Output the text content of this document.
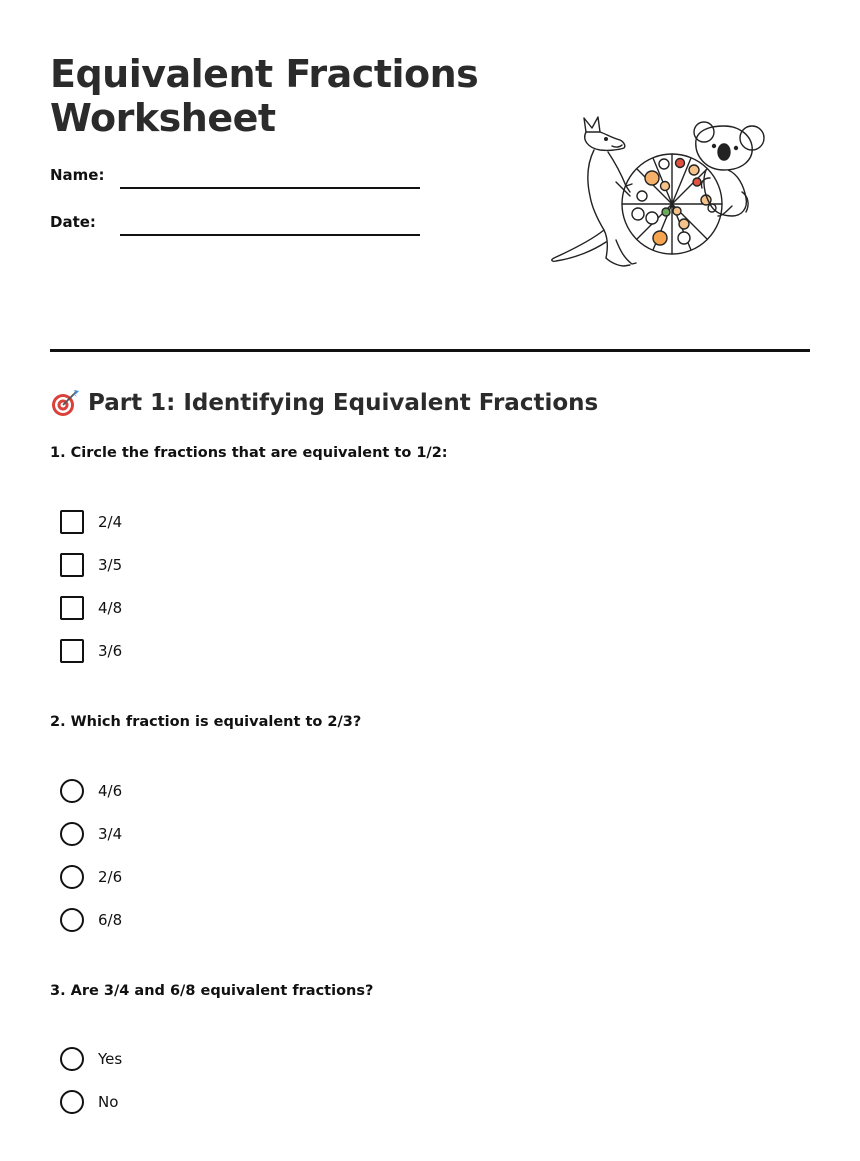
Equivalent Fractions
Worksheet
Name:
Date:
Part 1: Identifying Equivalent Fractions

1. Circle the fractions that are equivalent to 1/2:

2/4
3/5
4/8
3/6

2. Which fraction is equivalent to 2/3?

4/6
3/4
2/6
6/8

3. Are 3/4 and 6/8 equivalent fractions?

Yes
No
